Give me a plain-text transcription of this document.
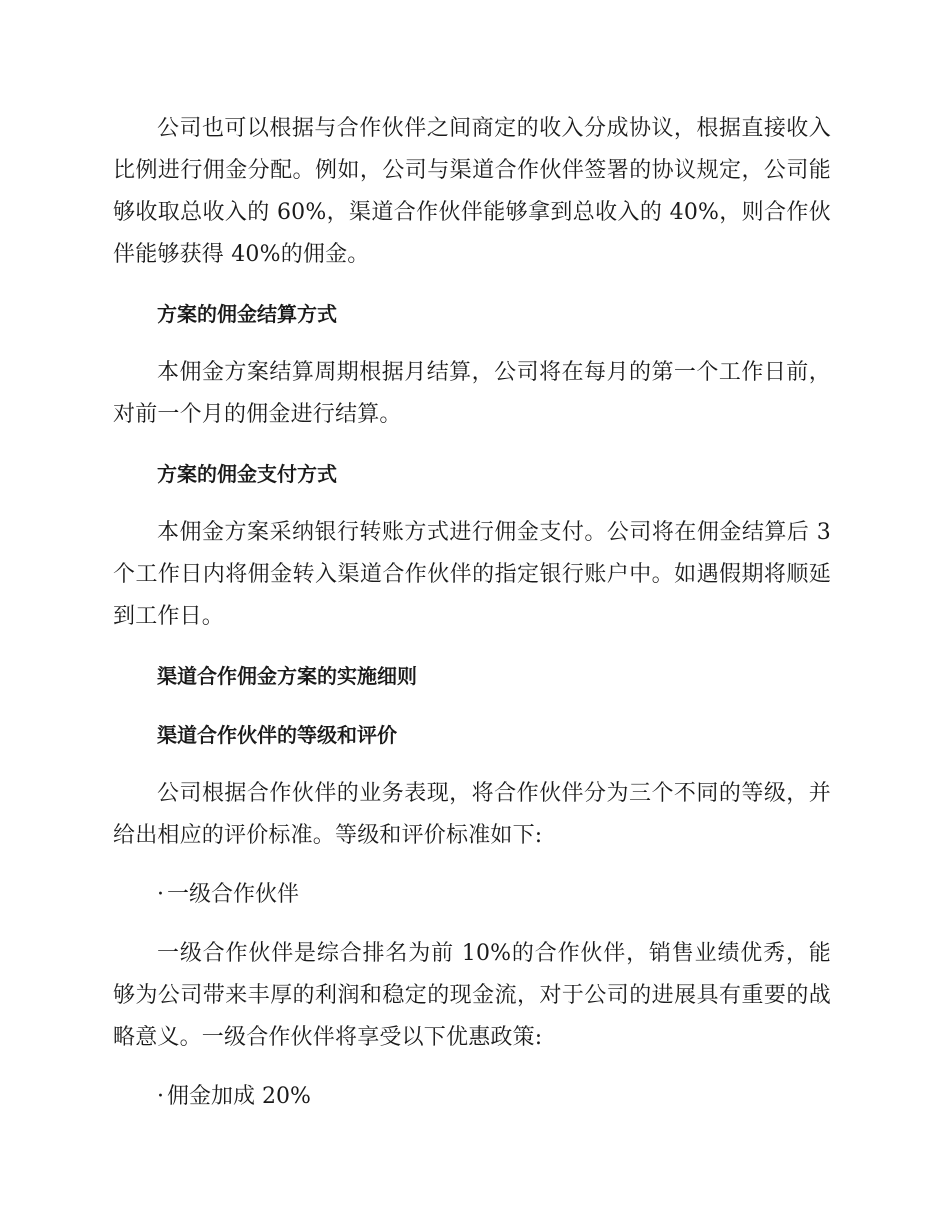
公司也可以根据与合作伙伴之间商定的收入分成协议，根据直接收入比例进行佣金分配。例如，公司与渠道合作伙伴签署的协议规定，公司能够收取总收入的 60%，渠道合作伙伴能够拿到总收入的 40%，则合作伙伴能够获得 40%的佣金。

方案的佣金结算方式

本佣金方案结算周期根据月结算，公司将在每月的第一个工作日前，对前一个月的佣金进行结算。

方案的佣金支付方式

本佣金方案采纳银行转账方式进行佣金支付。公司将在佣金结算后 3 个工作日内将佣金转入渠道合作伙伴的指定银行账户中。如遇假期将顺延到工作日。

渠道合作佣金方案的实施细则

渠道合作伙伴的等级和评价

公司根据合作伙伴的业务表现，将合作伙伴分为三个不同的等级，并给出相应的评价标准。等级和评价标准如下:

· 一级合作伙伴

一级合作伙伴是综合排名为前 10%的合作伙伴，销售业绩优秀，能够为公司带来丰厚的利润和稳定的现金流，对于公司的进展具有重要的战略意义。一级合作伙伴将享受以下优惠政策:

· 佣金加成 20%
